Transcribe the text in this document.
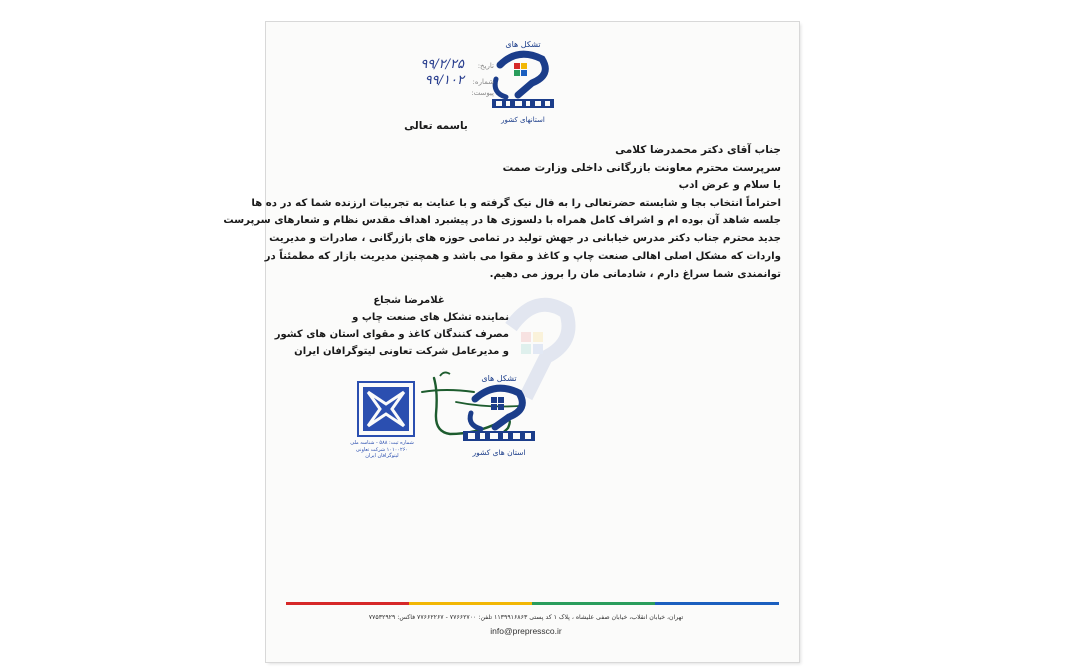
تشکل های
استانهای کشور
تاریخ:
۹۹/۲/۲۵
شماره:
۹۹/۱۰۲
پیوست:
باسمه تعالی
جناب آقای دکتر محمدرضا کلامی
سرپرست محترم معاونت بازرگانی داخلی وزارت صمت
با سلام و عرض ادب
احتراماً انتخاب بجا و شایسته حضرتعالی را به فال نیک گرفته و با عنایت به تجربیات ارزنده شما که در ده ها
جلسه شاهد آن بوده ام و اشراف کامل همراه با دلسوزی ها در پیشبرد اهداف مقدس نظام و شعارهای سرپرست
جدید محترم جناب دکتر مدرس خیابانی در جهش تولید در تمامی حوزه های بازرگانی ، صادرات و مدیریت
واردات که مشکل اصلی اهالی صنعت چاپ و کاغذ و مقوا می باشد و همچنین مدیریت بازار که مطمئناً در
توانمندی شما سراغ دارم ، شادمانی مان را بروز می دهیم.
غلامرضا شجاع
نماینده تشکل های صنعت چاپ و
مصرف کنندگان کاغذ و مقوای استان های کشور
و مدیرعامل شرکت تعاونی لیتوگرافان ایران
شماره ثبت: ۵۸۸ - شناسه ملی ۱۰۱۰۰۲۶۰ شرکت تعاونی لیتوگرافان ایران
تشکل های
استان های کشور
تهران، خیابان انقلاب، خیابان صفی علیشاه ، پلاک ۱ کد پستی ۱۱۳۹۹۱۶۸۶۳ تلفن: ۷۷۶۶۲۷۰۰ - ۷۷۶۶۲۲۶۷ فاکس: ۷۷۵۳۲۹۲۹
info@prepressco.ir
